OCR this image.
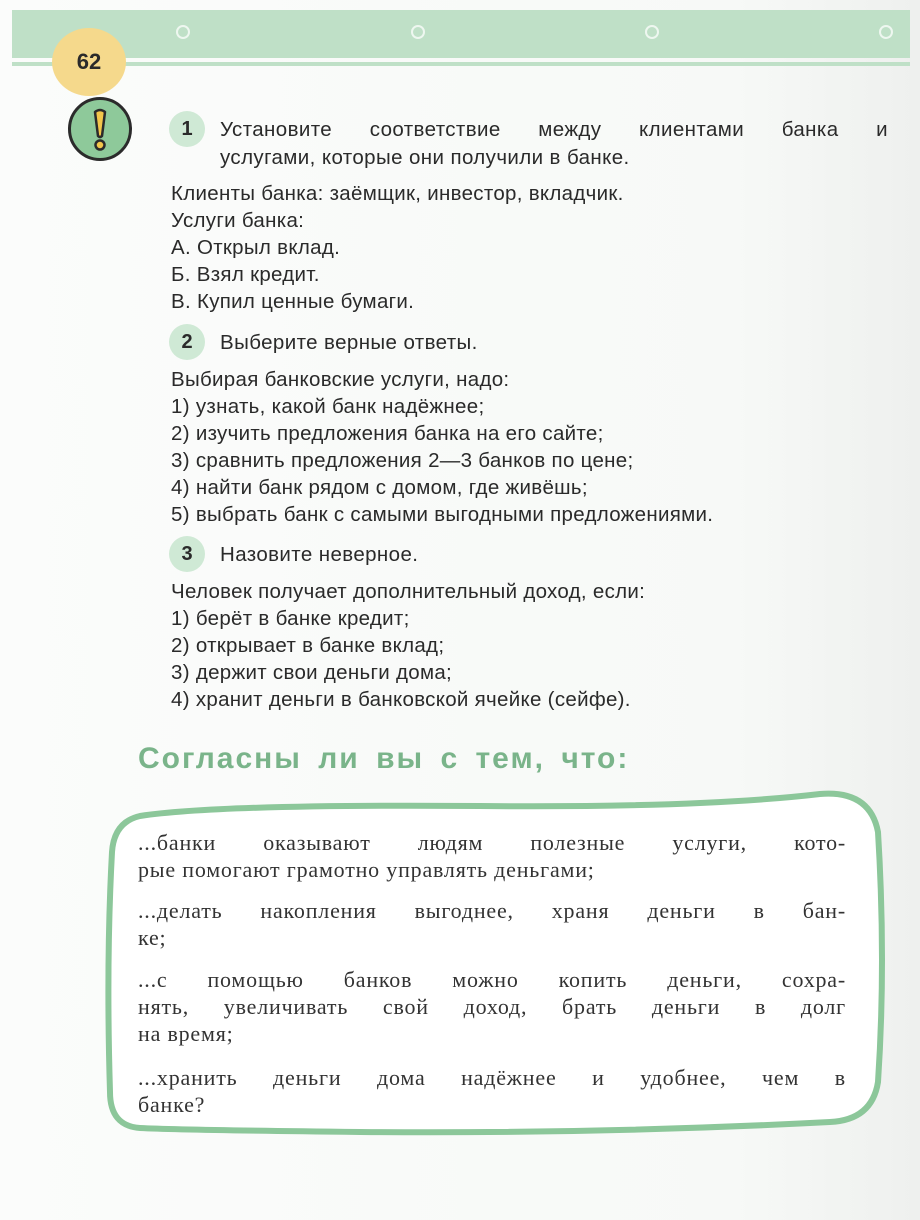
62
1	Установите соответствие между клиентами банка и
услугами, которые они получили в банке.
Клиенты банка: заёмщик, инвестор, вкладчик.
Услуги банка:
А. Открыл вклад.
Б. Взял кредит.
В. Купил ценные бумаги.
2	Выберите верные ответы.
Выбирая банковские услуги, надо:
1) узнать, какой банк надёжнее;
2) изучить предложения банка на его сайте;
3) сравнить предложения 2—3 банков по цене;
4) найти банк рядом с домом, где живёшь;
5) выбрать банк с самыми выгодными предложениями.
3	Назовите неверное.
Человек получает дополнительный доход, если:
1) берёт в банке кредит;
2) открывает в банке вклад;
3) держит свои деньги дома;
4) хранит деньги в банковской ячейке (сейфе).
Согласны ли вы с тем, что:
...банки оказывают людям полезные услуги, кото-
рые помогают грамотно управлять деньгами;
...делать накопления выгоднее, храня деньги в бан-
ке;
...с помощью банков можно копить деньги, сохра-
нять, увеличивать свой доход, брать деньги в долг
на время;
...хранить деньги дома надёжнее и удобнее, чем в
банке?
